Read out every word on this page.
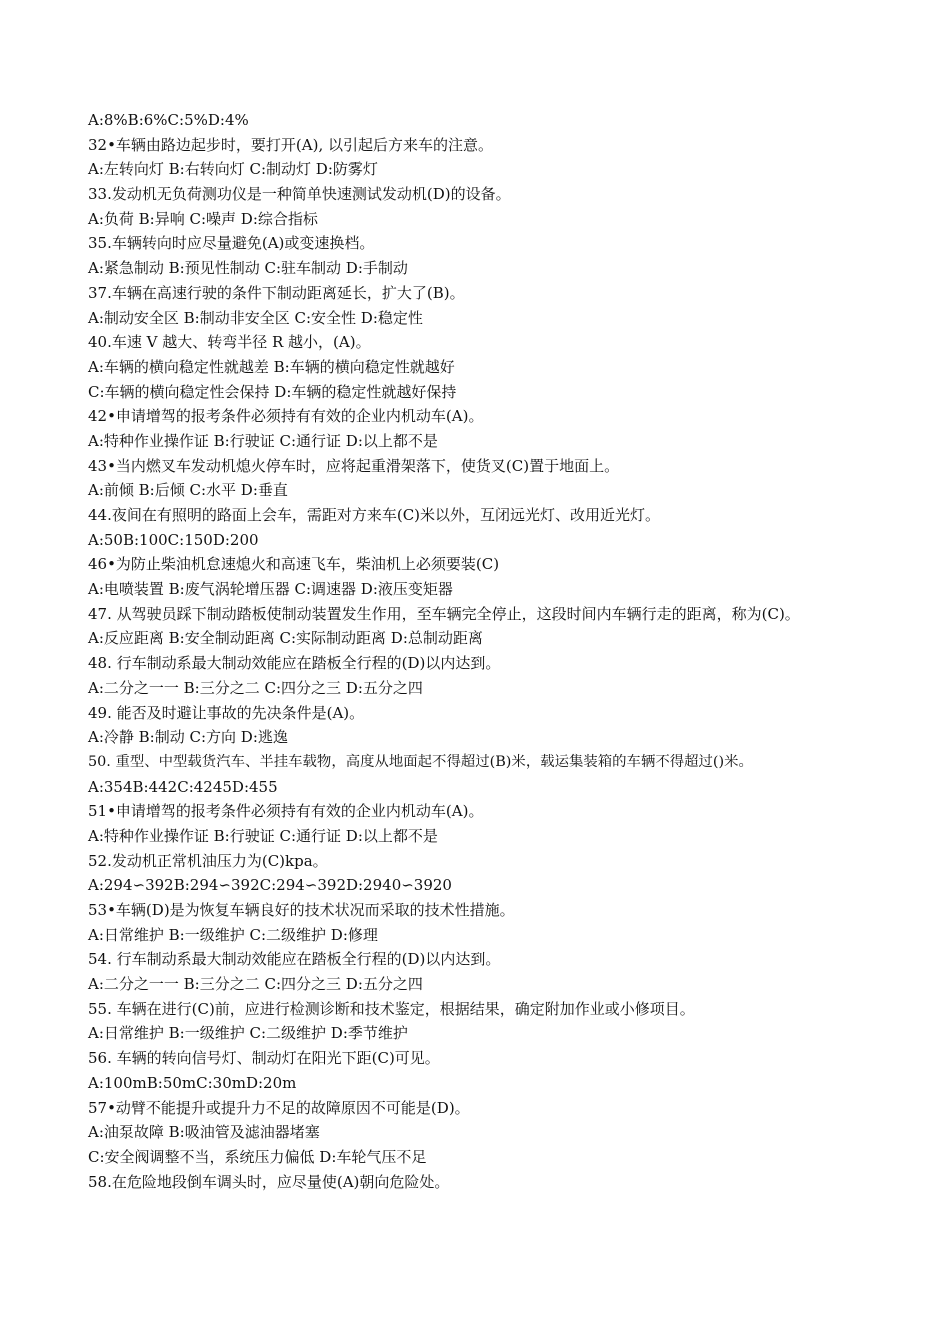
A:8%B:6%C:5%D:4%
32•车辆由路边起步时，要打开(A), 以引起后方来车的注意。
A:左转向灯 B:右转向灯 C:制动灯 D:防雾灯
33.发动机无负荷测功仪是一种简单快速测试发动机(D)的设备。
A:负荷 B:异响 C:噪声 D:综合指标
35.车辆转向时应尽量避免(A)或变速换档。
A:紧急制动 B:预见性制动 C:驻车制动 D:手制动
37.车辆在高速行驶的条件下制动距离延长，扩大了(B)。
A:制动安全区 B:制动非安全区 C:安全性 D:稳定性
40.车速 V 越大、转弯半径 R 越小，(A)。
A:车辆的横向稳定性就越差 B:车辆的横向稳定性就越好
C:车辆的横向稳定性会保持 D:车辆的稳定性就越好保持
42•申请增驾的报考条件必须持有有效的企业内机动车(A)。
A:特种作业操作证 B:行驶证 C:通行证 D:以上都不是
43•当内燃叉车发动机熄火停车时，应将起重滑架落下，使货叉(C)置于地面上。
A:前倾 B:后倾 C:水平 D:垂直
44.夜间在有照明的路面上会车，需距对方来车(C)米以外，互闭远光灯、改用近光灯。
A:50B:100C:150D:200
46•为防止柴油机怠速熄火和高速飞车，柴油机上必须要装(C)
A:电喷装置 B:废气涡轮增压器 C:调速器 D:液压变矩器
47. 从驾驶员踩下制动踏板使制动装置发生作用，至车辆完全停止，这段时间内车辆行走的距离，称为(C)。
A:反应距离 B:安全制动距离 C:实际制动距离 D:总制动距离
48. 行车制动系最大制动效能应在踏板全行程的(D)以内达到。
A:二分之一一 B:三分之二 C:四分之三 D:五分之四
49. 能否及时避让事故的先决条件是(A)。
A:冷静 B:制动 C:方向 D:逃逸
50. 重型、中型载货汽车、半挂车载物，高度从地面起不得超过(B)米，载运集装箱的车辆不得超过()米。
A:354B:442C:4245D:455
51•申请增驾的报考条件必须持有有效的企业内机动车(A)。
A:特种作业操作证 B:行驶证 C:通行证 D:以上都不是
52.发动机正常机油压力为(C)kpa。
A:294∽392B:294∽392C:294∽392D:2940∽3920
53•车辆(D)是为恢复车辆良好的技术状况而采取的技术性措施。
A:日常维护 B:一级维护 C:二级维护 D:修理
54. 行车制动系最大制动效能应在踏板全行程的(D)以内达到。
A:二分之一一 B:三分之二 C:四分之三 D:五分之四
55. 车辆在进行(C)前，应进行检测诊断和技术鉴定，根据结果，确定附加作业或小修项目。
A:日常维护 B:一级维护 C:二级维护 D:季节维护
56. 车辆的转向信号灯、制动灯在阳光下距(C)可见。
A:100mB:50mC:30mD:20m
57•动臂不能提升或提升力不足的故障原因不可能是(D)。
A:油泵故障 B:吸油管及滤油器堵塞
C:安全阀调整不当，系统压力偏低 D:车轮气压不足
58.在危险地段倒车调头时，应尽量使(A)朝向危险处。
